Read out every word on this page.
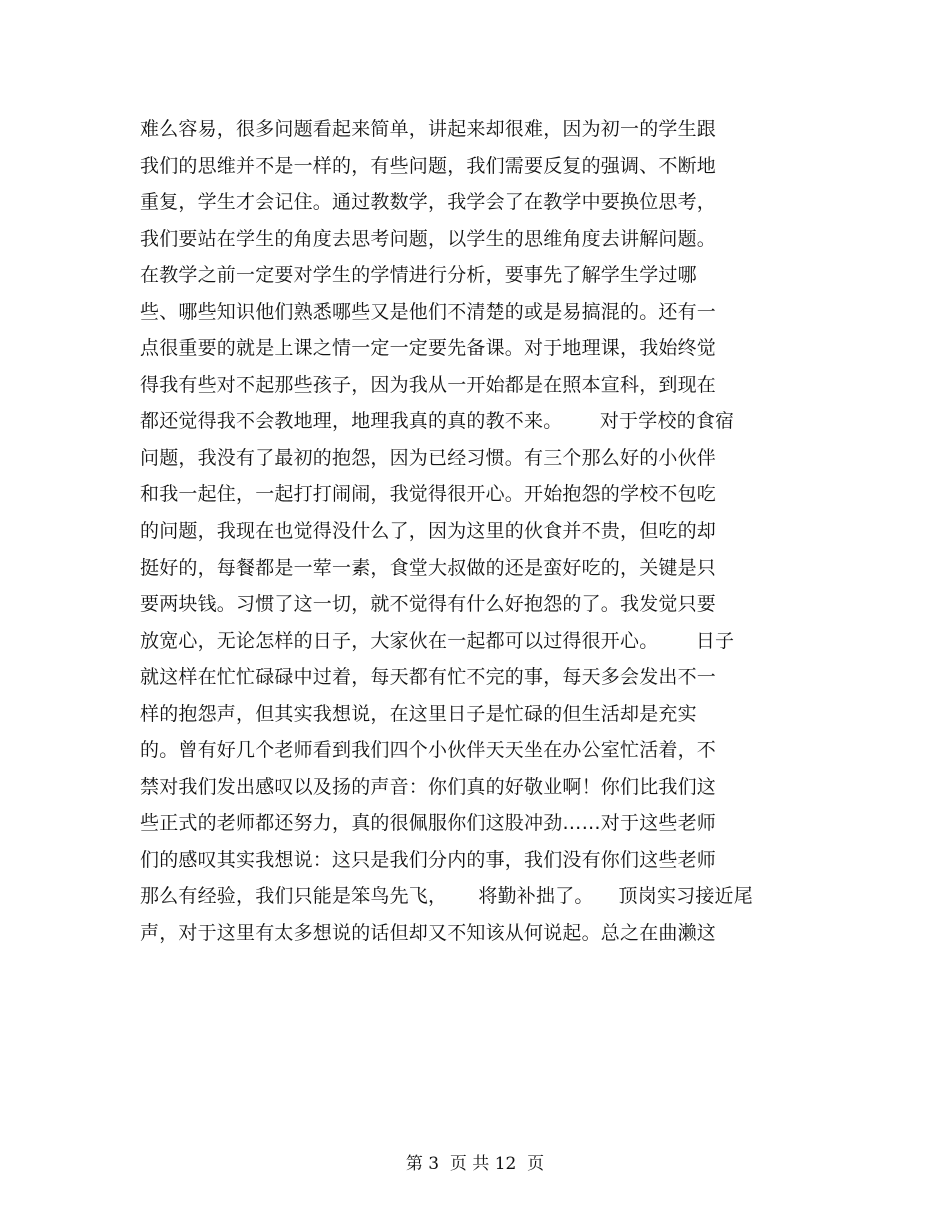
难么容易，很多问题看起来简单，讲起来却很难，因为初一的学生跟
我们的思维并不是一样的，有些问题，我们需要反复的强调、不断地
重复，学生才会记住。通过教数学，我学会了在教学中要换位思考，
我们要站在学生的角度去思考问题，以学生的思维角度去讲解问题。
在教学之前一定要对学生的学情进行分析，要事先了解学生学过哪
些、哪些知识他们熟悉哪些又是他们不清楚的或是易搞混的。还有一
点很重要的就是上课之情一定一定要先备课。对于地理课，我始终觉
得我有些对不起那些孩子，因为我从一开始都是在照本宣科，到现在
都还觉得我不会教地理，地理我真的真的教不来。      对于学校的食宿
问题，我没有了最初的抱怨，因为已经习惯。有三个那么好的小伙伴
和我一起住，一起打打闹闹，我觉得很开心。开始抱怨的学校不包吃
的问题，我现在也觉得没什么了，因为这里的伙食并不贵，但吃的却
挺好的，每餐都是一荤一素，食堂大叔做的还是蛮好吃的，关键是只
要两块钱。习惯了这一切，就不觉得有什么好抱怨的了。我发觉只要
放宽心，无论怎样的日子，大家伙在一起都可以过得很开心。      日子
就这样在忙忙碌碌中过着，每天都有忙不完的事，每天多会发出不一
样的抱怨声，但其实我想说，在这里日子是忙碌的但生活却是充实
的。曾有好几个老师看到我们四个小伙伴天天坐在办公室忙活着，不
禁对我们发出感叹以及扬的声音：你们真的好敬业啊！你们比我们这
些正式的老师都还努力，真的很佩服你们这股冲劲……对于这些老师
们的感叹其实我想说：这只是我们分内的事，我们没有你们这些老师
那么有经验，我们只能是笨鸟先飞，     将勤补拙了。    顶岗实习接近尾
声，对于这里有太多想说的话但却又不知该从何说起。总之在曲濑这
第 3  页 共 12  页
